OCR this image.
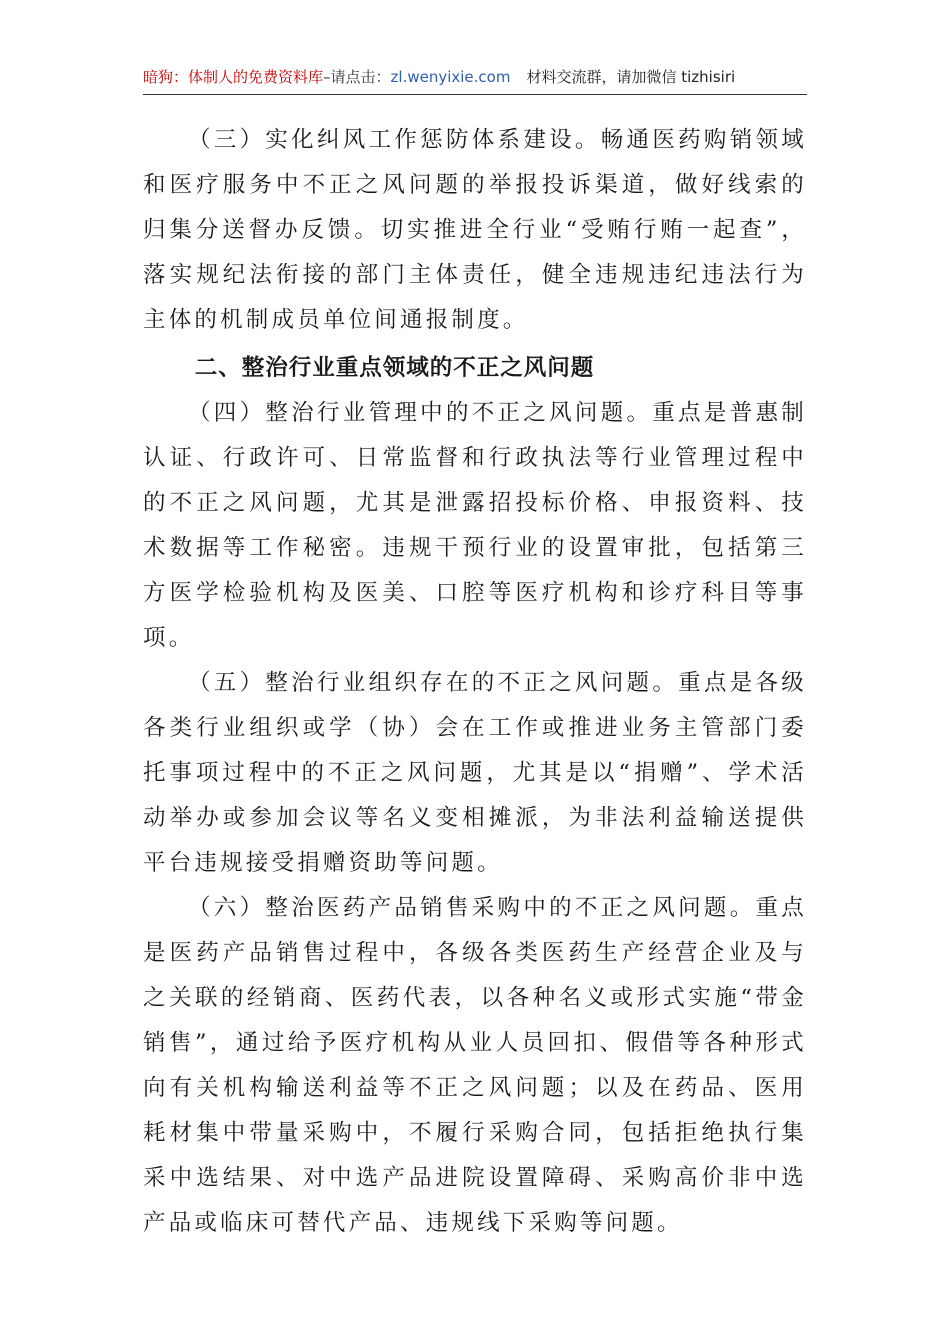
暗狗：体制人的免费资料库–请点击：zl.wenyixie.com 材料交流群，请加微信 tizhisiri

（三）实化纠风工作惩防体系建设。畅通医药购销领域和医疗服务中不正之风问题的举报投诉渠道，做好线索的归集分送督办反馈。切实推进全行业“受贿行贿一起查”，落实规纪法衔接的部门主体责任，健全违规违纪违法行为主体的机制成员单位间通报制度。

二、整治行业重点领域的不正之风问题

（四）整治行业管理中的不正之风问题。重点是普惠制认证、行政许可、日常监督和行政执法等行业管理过程中的不正之风问题，尤其是泄露招投标价格、申报资料、技术数据等工作秘密。违规干预行业的设置审批，包括第三方医学检验机构及医美、口腔等医疗机构和诊疗科目等事项。

（五）整治行业组织存在的不正之风问题。重点是各级各类行业组织或学（协）会在工作或推进业务主管部门委托事项过程中的不正之风问题，尤其是以“捐赠”、学术活动举办或参加会议等名义变相摊派，为非法利益输送提供平台违规接受捐赠资助等问题。

（六）整治医药产品销售采购中的不正之风问题。重点是医药产品销售过程中，各级各类医药生产经营企业及与之关联的经销商、医药代表，以各种名义或形式实施“带金销售”，通过给予医疗机构从业人员回扣、假借等各种形式向有关机构输送利益等不正之风问题；以及在药品、医用耗材集中带量采购中，不履行采购合同，包括拒绝执行集采中选结果、对中选产品进院设置障碍、采购高价非中选产品或临床可替代产品、违规线下采购等问题。
